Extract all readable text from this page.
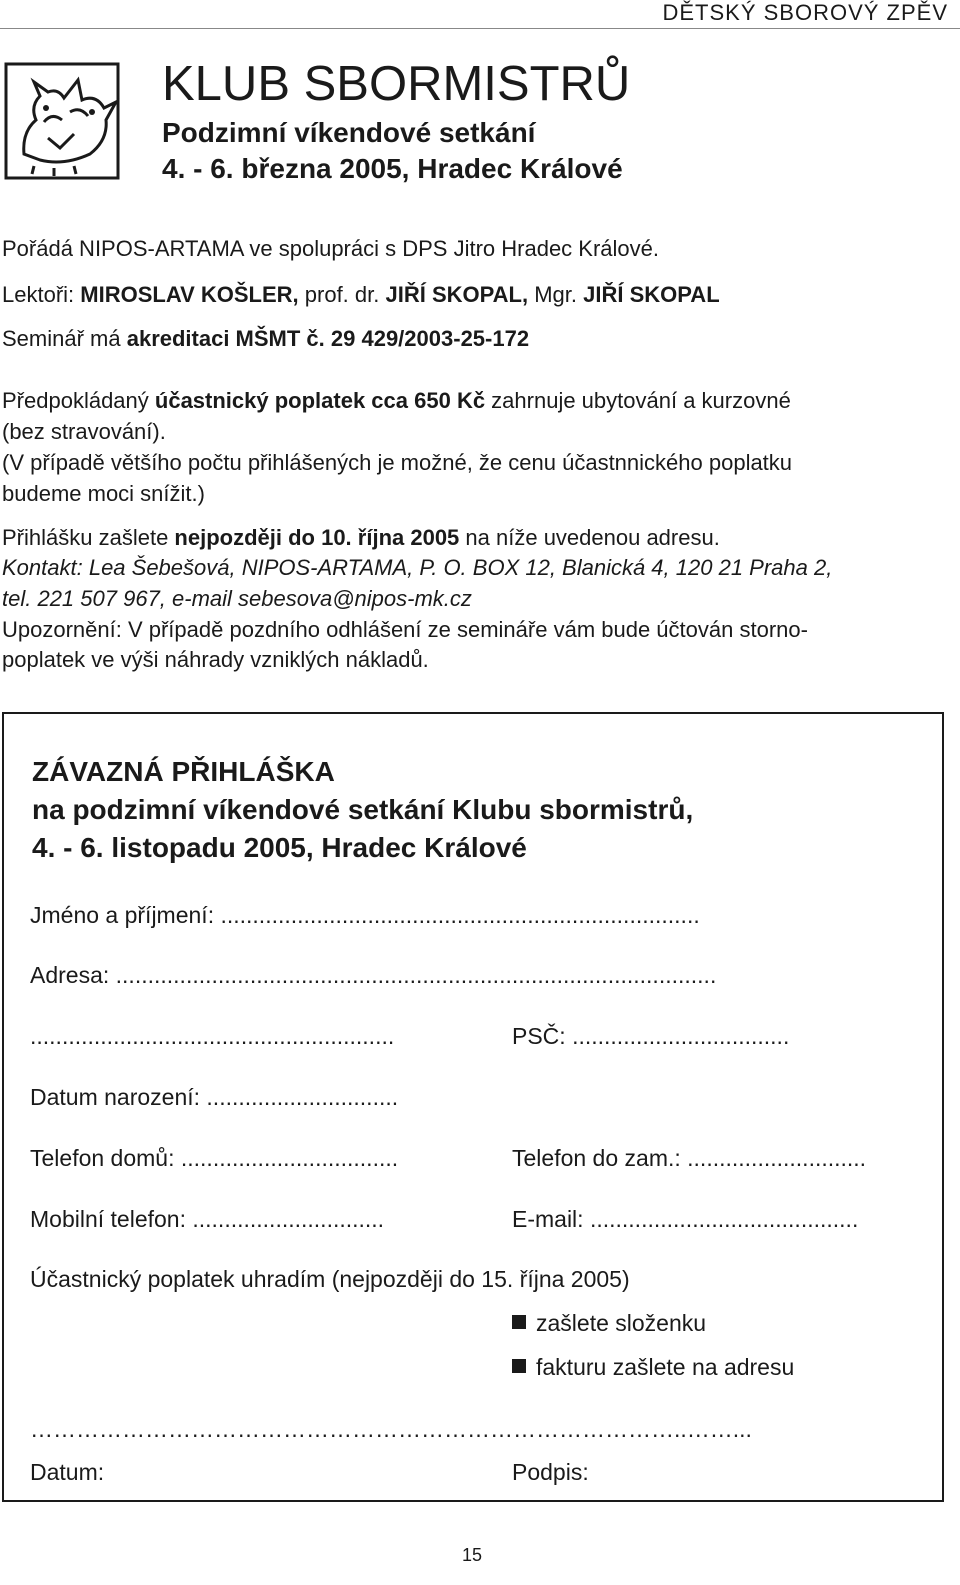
DĚTSKÝ SBOROVÝ ZPĚV
KLUB SBORMISTRŮ
Podzimní víkendové setkání
4. - 6. března 2005, Hradec Králové
Pořádá NIPOS-ARTAMA ve spolupráci s DPS Jitro Hradec Králové.
Lektoři: MIROSLAV KOŠLER, prof. dr. JIŘÍ SKOPAL, Mgr. JIŘÍ SKOPAL
Seminář má akreditaci MŠMT č. 29 429/2003-25-172
Předpokládaný účastnický poplatek cca 650 Kč zahrnuje ubytování a kurzovné
(bez stravování).
(V případě většího počtu přihlášených je možné, že cenu účastnnického poplatku
budeme moci snížit.)
Přihlášku zašlete nejpozději do 10. října 2005 na níže uvedenou adresu.
Kontakt: Lea Šebešová, NIPOS-ARTAMA, P. O. BOX 12, Blanická 4, 120 21 Praha 2,
tel. 221 507 967, e-mail sebesova@nipos-mk.cz
Upozornění: V případě pozdního odhlášení ze semináře vám bude účtován storno-
poplatek ve výši náhrady vzniklých nákladů.
ZÁVAZNÁ PŘIHLÁŠKA
na podzimní víkendové setkání Klubu sbormistrů,
4. - 6. listopadu 2005, Hradec Králové
Jméno a příjmení: ...........................................................................
Adresa: ..............................................................................................
.........................................................	PSČ: ..................................
Datum narození: ..............................
Telefon domů: ..................................	Telefon do zam.: ............................
Mobilní telefon: ..............................	E-mail: ..........................................
Účastnický poplatek uhradím (nejpozději do 15. října 2005)
zašlete složenku
fakturu zašlete na adresu
…………………………………………………………………………..……...
Datum:	Podpis:
15
